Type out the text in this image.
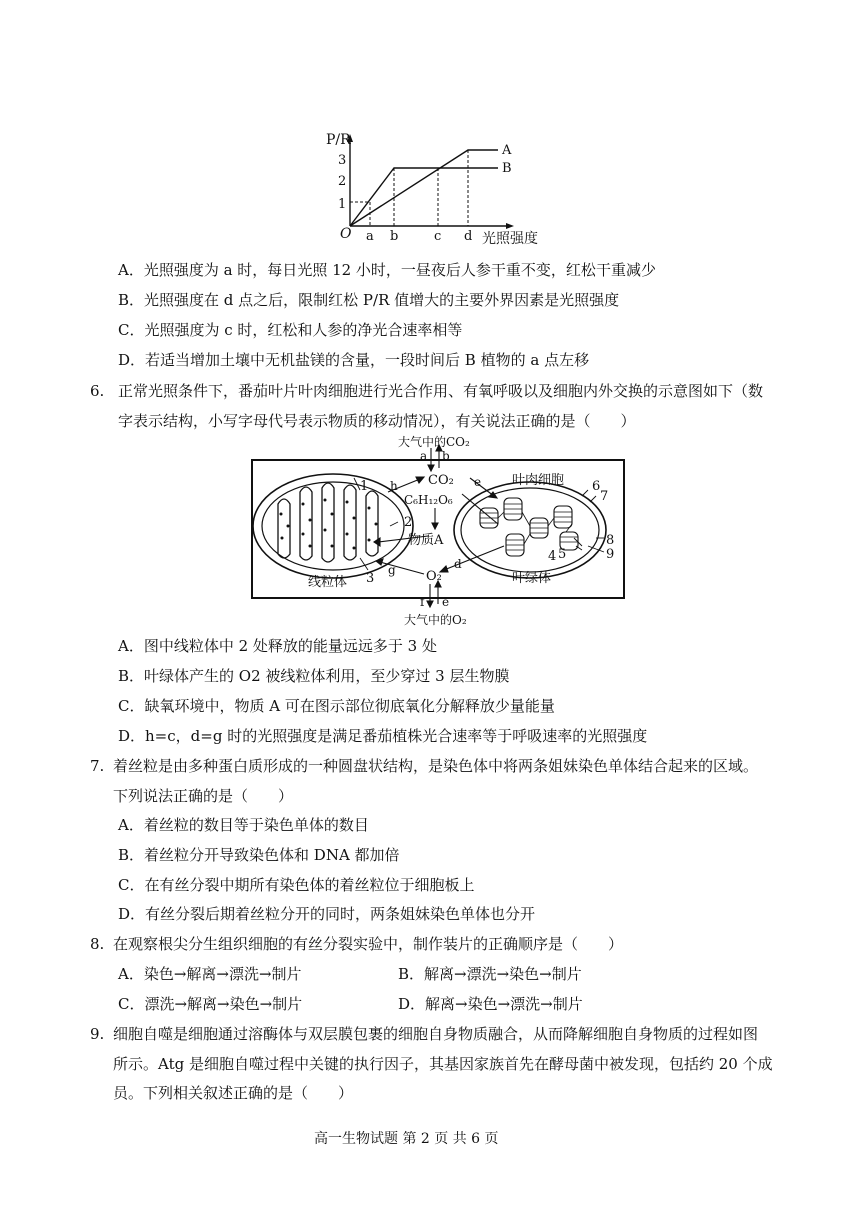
P/R
1
2
3
O a b	c d 光照强度
A
B
A．光照强度为 a 时，每日光照 12 小时，一昼夜后人参干重不变，红松干重减少
B．光照强度在 d 点之后，限制红松 P/R 值增大的主要外界因素是光照强度
C．光照强度为 c 时，红松和人参的净光合速率相等
D．若适当增加土壤中无机盐镁的含量，一段时间后 B 植物的 a 点左移
6. 正常光照条件下，番茄叶片叶肉细胞进行光合作用、有氧呼吸以及细胞内外交换的示意图如下（数
字表示结构，小写字母代号表示物质的移动情况），有关说法正确的是（　　）
大气中的CO₂
a b
h CO₂ e
C₆H₁₂O₆
叶肉细胞
物质A
g	d
O₂
线粒体	叶绿体
f e
大气中的O₂
1
2
3
4 5
6
7
8
9
A．图中线粒体中 2 处释放的能量远远多于 3 处
B．叶绿体产生的 O2 被线粒体利用，至少穿过 3 层生物膜
C．缺氧环境中，物质 A 可在图示部位彻底氧化分解释放少量能量
D．h=c，d=g 时的光照强度是满足番茄植株光合速率等于呼吸速率的光照强度
7. 着丝粒是由多种蛋白质形成的一种圆盘状结构，是染色体中将两条姐妹染色单体结合起来的区域。
下列说法正确的是（　　）
A．着丝粒的数目等于染色单体的数目
B．着丝粒分开导致染色体和 DNA 都加倍
C．在有丝分裂中期所有染色体的着丝粒位于细胞板上
D．有丝分裂后期着丝粒分开的同时，两条姐妹染色单体也分开
8. 在观察根尖分生组织细胞的有丝分裂实验中，制作装片的正确顺序是（　　）
A．染色→解离→漂洗→制片	B．解离→漂洗→染色→制片
C．漂洗→解离→染色→制片	D．解离→染色→漂洗→制片
9. 细胞自噬是细胞通过溶酶体与双层膜包裹的细胞自身物质融合，从而降解细胞自身物质的过程如图
所示。Atg 是细胞自噬过程中关键的执行因子，其基因家族首先在酵母菌中被发现，包括约 20 个成
员。下列相关叙述正确的是（　　）
高一生物试题 第 2 页 共 6 页
